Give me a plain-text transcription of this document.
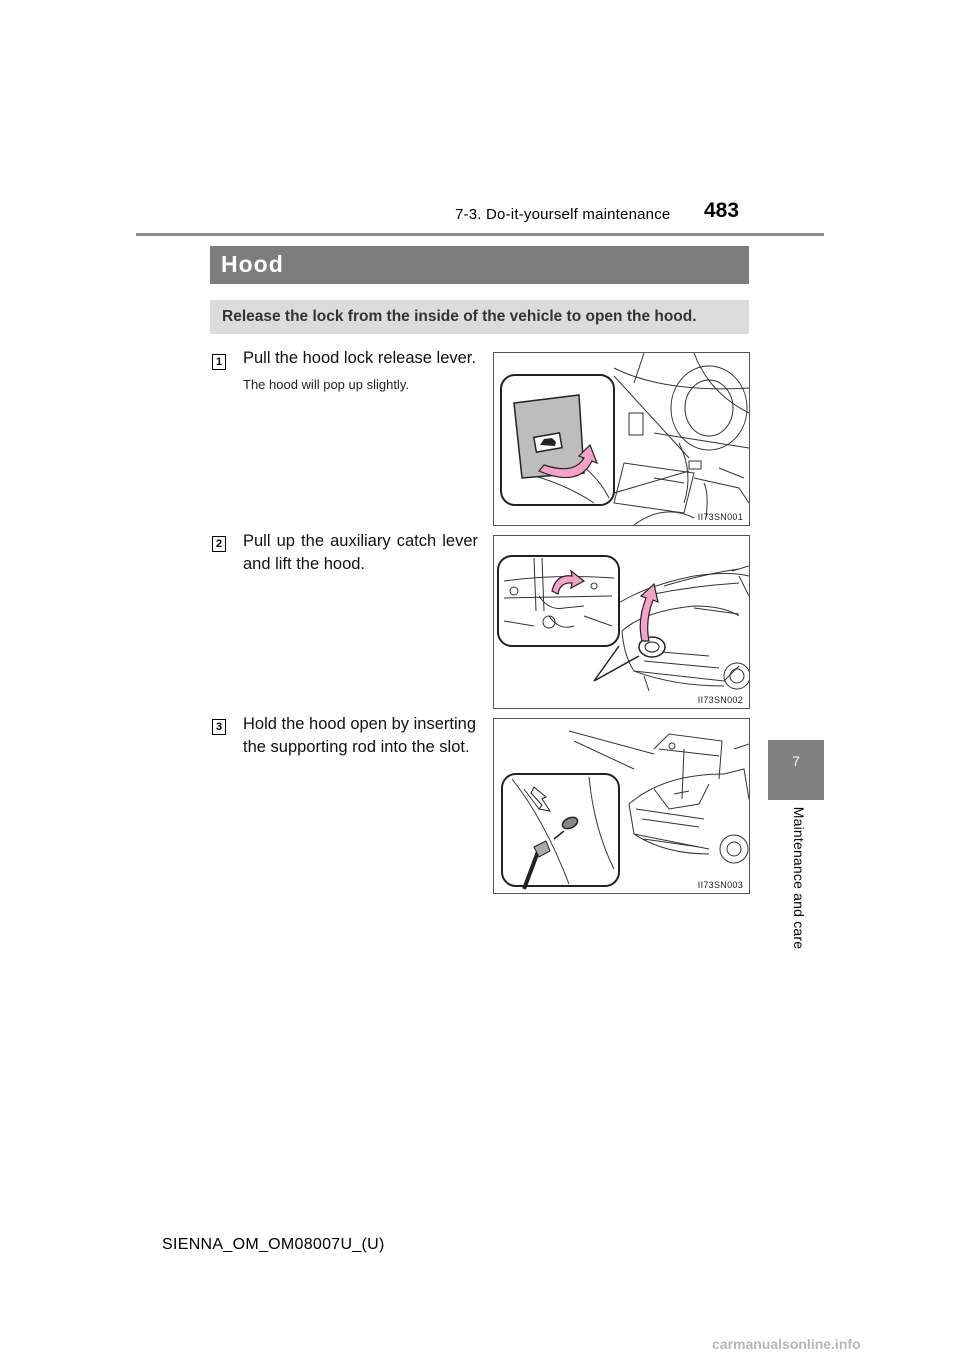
7-3. Do-it-yourself maintenance 483
7
Maintenance and care
Hood
Release the lock from the inside of the vehicle to open the hood.
1 Pull the hood lock release lever.
The hood will pop up slightly.
II73SN001
2 Pull up the auxiliary catch lever
and lift the hood.
II73SN002
3 Hold the hood open by inserting
the supporting rod into the slot.
II73SN003
SIENNA_OM_OM08007U_(U)
carmanualsonline.info
